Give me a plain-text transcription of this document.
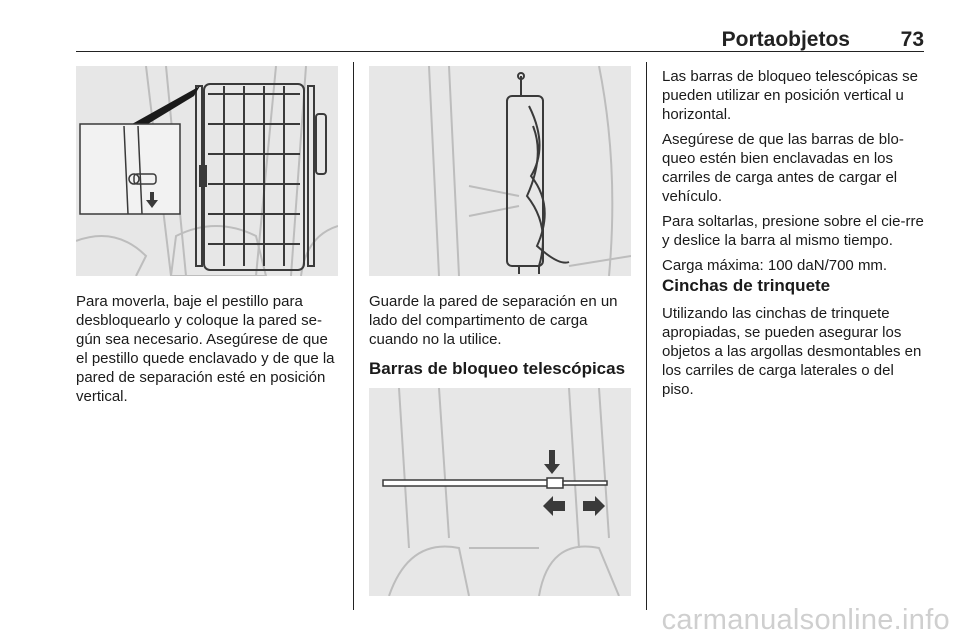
Portaobjetos	73

Para moverla, baje el pestillo para desbloquearlo y coloque la pared se-gún sea necesario. Asegúrese de que el pestillo quede enclavado y de que la pared de separación esté en posición vertical.

Guarde la pared de separación en un lado del compartimento de carga cuando no la utilice.

Barras de bloqueo telescópicas

Las barras de bloqueo telescópicas se pueden utilizar en posición vertical u horizontal.

Asegúrese de que las barras de blo-queo estén bien enclavadas en los carriles de carga antes de cargar el vehículo.

Para soltarlas, presione sobre el cie-rre y deslice la barra al mismo tiempo.

Carga máxima: 100 daN/700 mm.

Cinchas de trinquete

Utilizando las cinchas de trinquete apropiadas, se pueden asegurar los objetos a las argollas desmontables en los carriles de carga laterales o del piso.

carmanualsonline.info
